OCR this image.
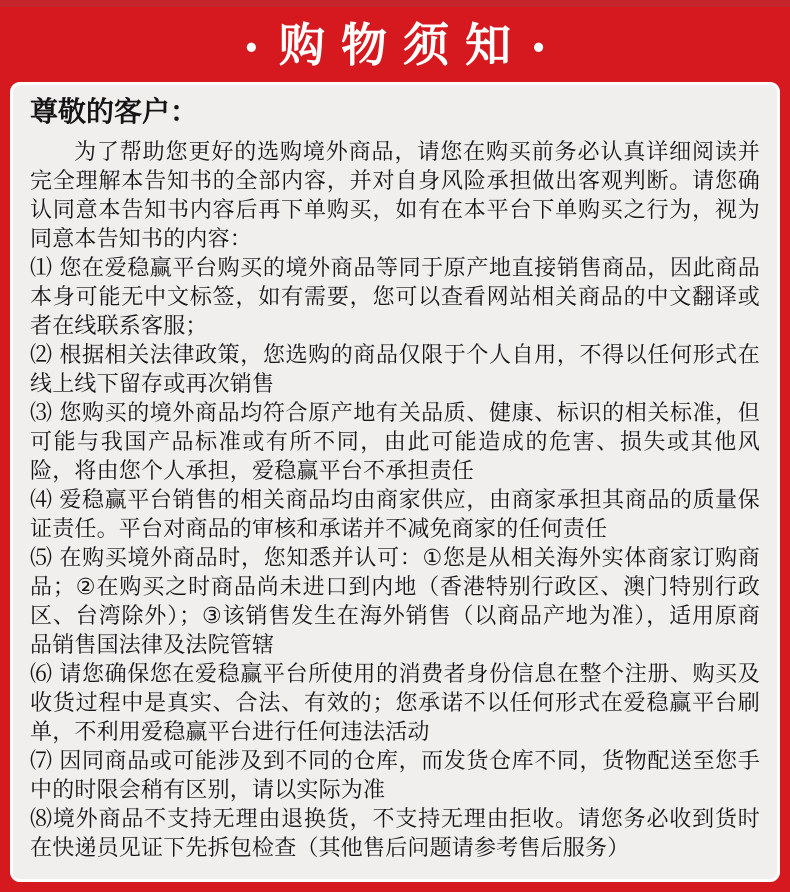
• 购物须知 •
尊敬的客户：

为了帮助您更好的选购境外商品，请您在购买前务必认真详细阅读并完全理解本告知书的全部内容，并对自身风险承担做出客观判断。请您确认同意本告知书内容后再下单购买，如有在本平台下单购买之行为，视为同意本告知书的内容：

⑴ 您在爱稳赢平台购买的境外商品等同于原产地直接销售商品，因此商品本身可能无中文标签，如有需要，您可以查看网站相关商品的中文翻译或者在线联系客服；

⑵ 根据相关法律政策，您选购的商品仅限于个人自用，不得以任何形式在线上线下留存或再次销售

⑶ 您购买的境外商品均符合原产地有关品质、健康、标识的相关标准，但可能与我国产品标准或有所不同，由此可能造成的危害、损失或其他风险，将由您个人承担，爱稳赢平台不承担责任

⑷ 爱稳赢平台销售的相关商品均由商家供应，由商家承担其商品的质量保证责任。平台对商品的审核和承诺并不减免商家的任何责任

⑸ 在购买境外商品时，您知悉并认可：①您是从相关海外实体商家订购商品；②在购买之时商品尚未进口到内地（香港特别行政区、澳门特别行政区、台湾除外）；③该销售发生在海外销售（以商品产地为准），适用原商品销售国法律及法院管辖

⑹ 请您确保您在爱稳赢平台所使用的消费者身份信息在整个注册、购买及收货过程中是真实、合法、有效的；您承诺不以任何形式在爱稳赢平台刷单，不利用爱稳赢平台进行任何违法活动

⑺ 因同商品或可能涉及到不同的仓库，而发货仓库不同，货物配送至您手中的时限会稍有区别，请以实际为准

⑻境外商品不支持无理由退换货，不支持无理由拒收。请您务必收到货时在快递员见证下先拆包检查（其他售后问题请参考售后服务）
